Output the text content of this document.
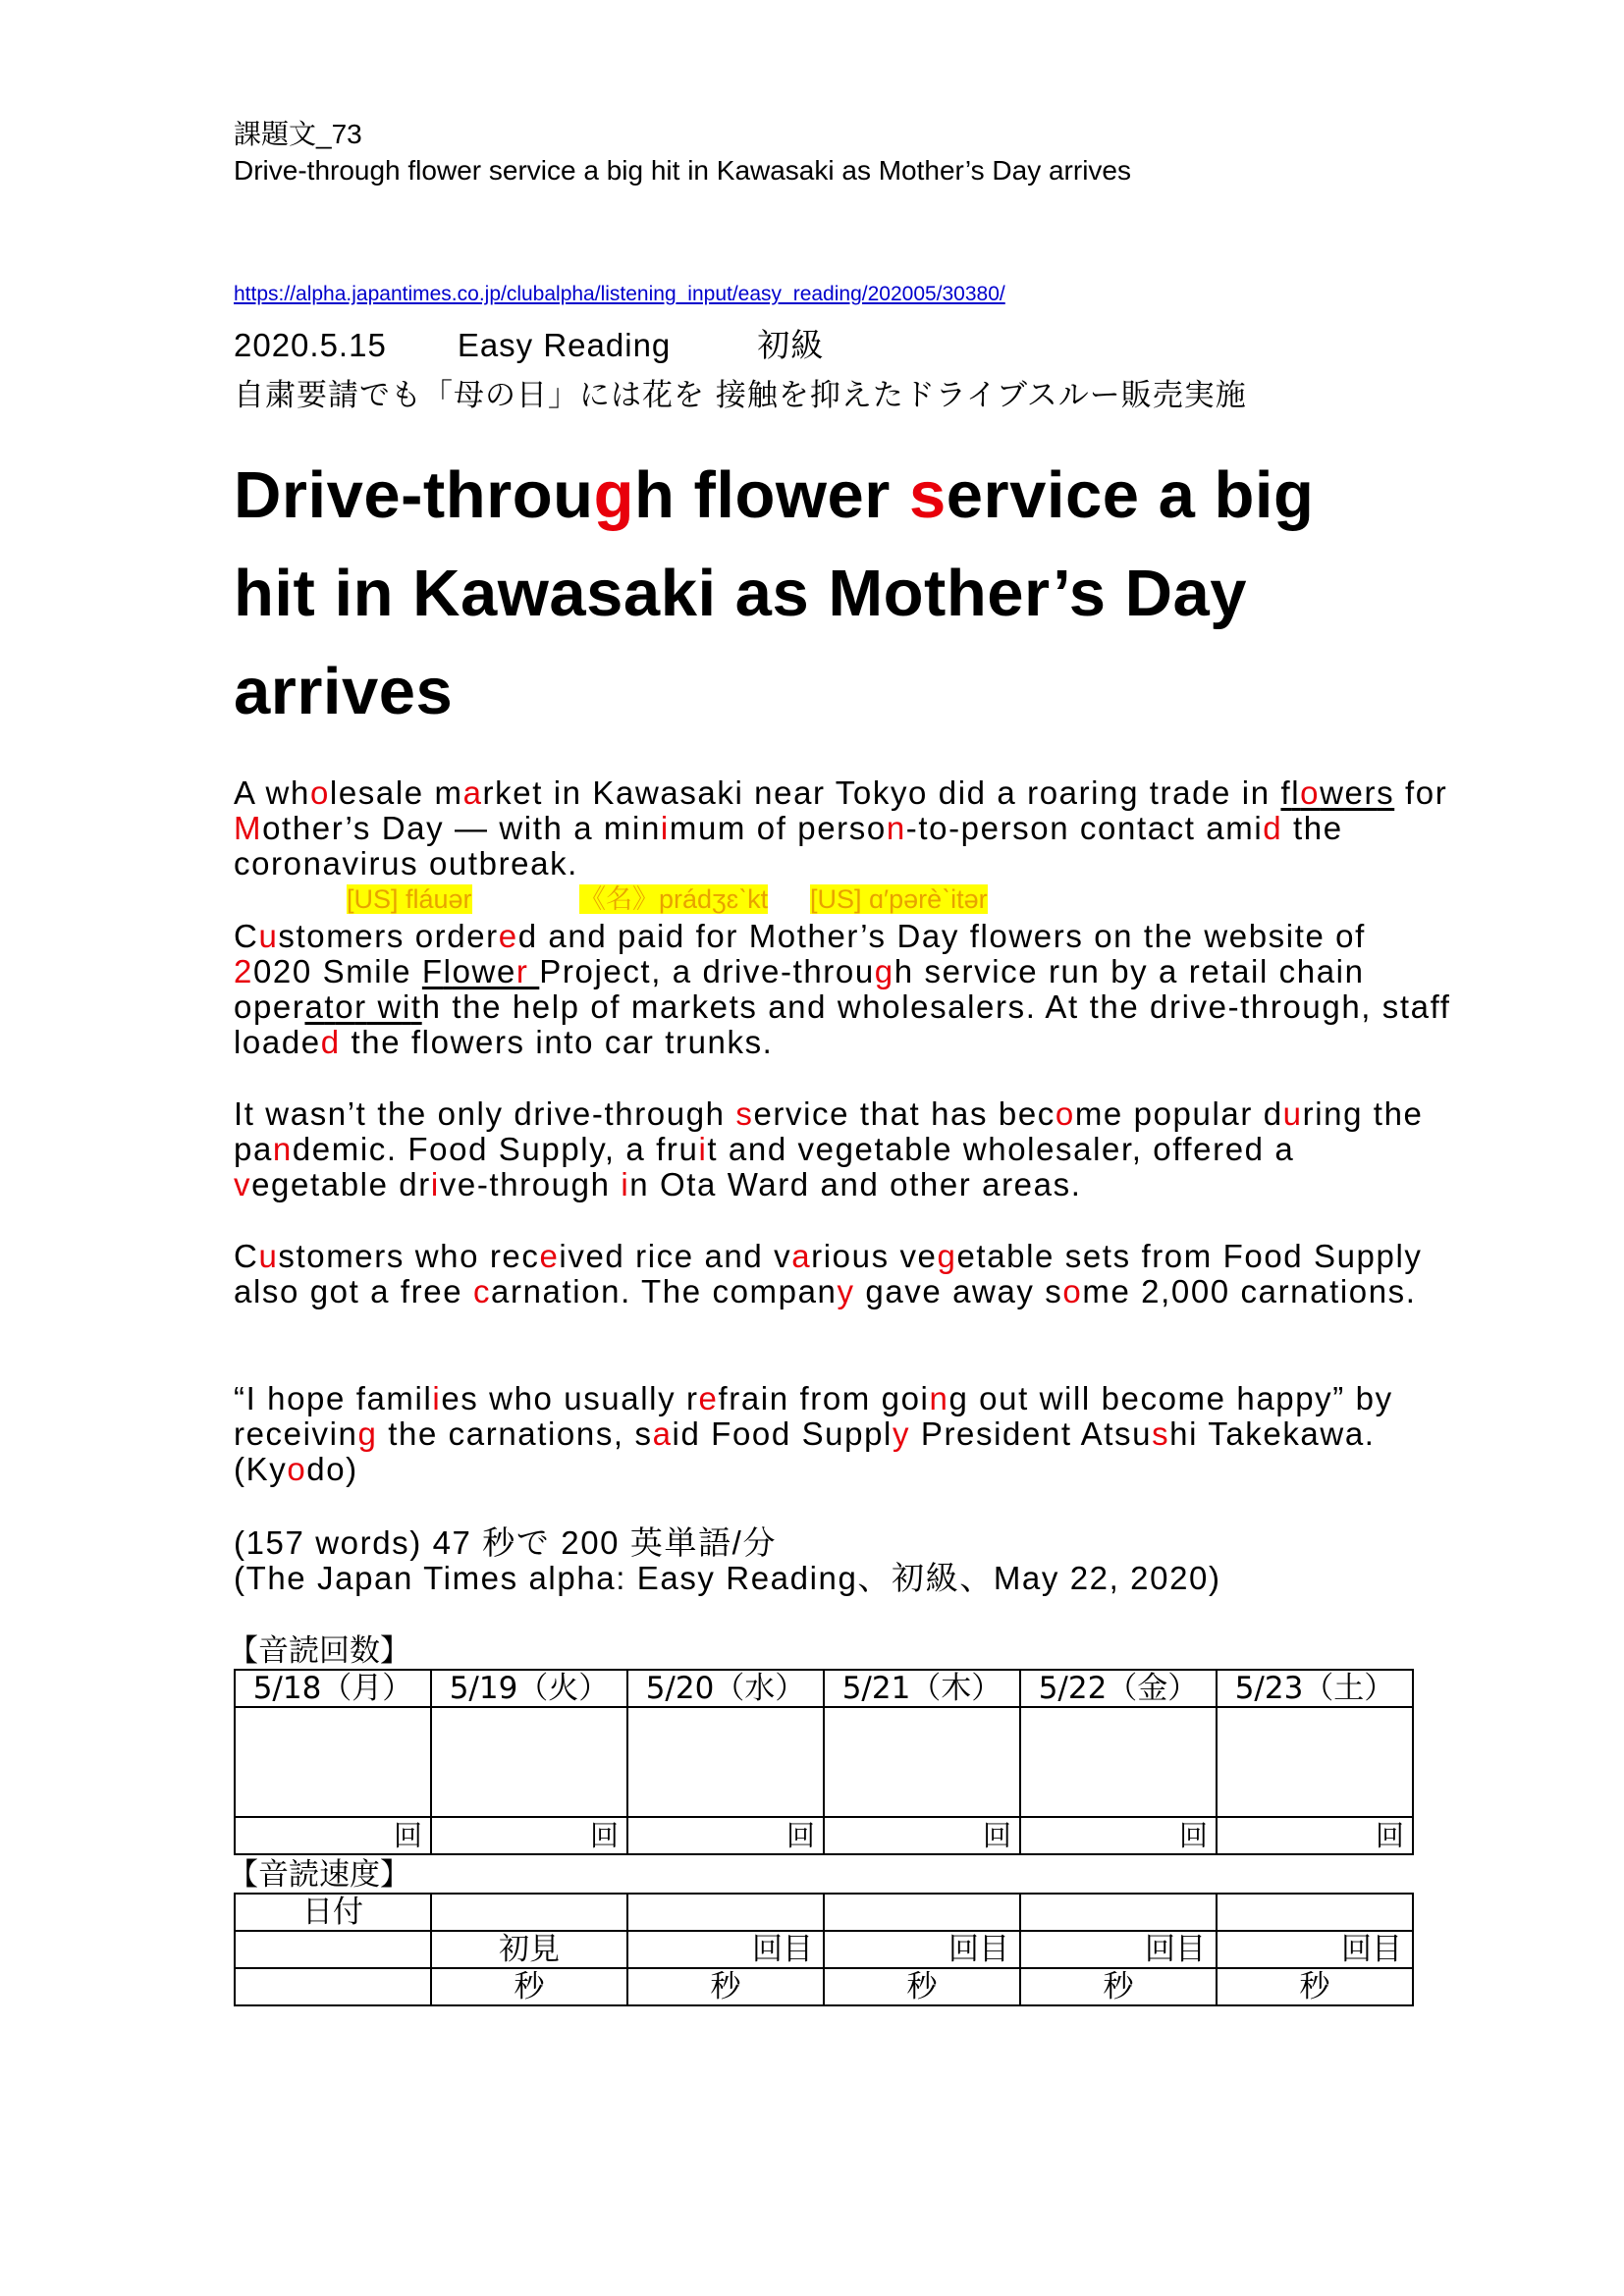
課題文_73
Drive-through flower service a big hit in Kawasaki as Mother’s Day arrives
https://alpha.japantimes.co.jp/clubalpha/listening_input/easy_reading/202005/30380/
2020.5.15 Easy Reading	初級
自粛要請でも「母の日」には花を 接触を抑えたドライブスルー販売実施
Drive-through flower service a big hit in Kawasaki as Mother’s Day arrives

A wholesale market in Kawasaki near Tokyo did a roaring trade in flowers for Mother’s Day — with a minimum of person-to-person contact amid the coronavirus outbreak.

[US] fláuər	《名》prádʒɛˋkt [US] ɑ′pərèˋitər

Customers ordered and paid for Mother’s Day flowers on the website of 2020 Smile Flower Project, a drive-through service run by a retail chain operator with the help of markets and wholesalers. At the drive-through, staff loaded the flowers into car trunks.

It wasn’t the only drive-through service that has become popular during the pandemic. Food Supply, a fruit and vegetable wholesaler, offered a vegetable drive-through in Ota Ward and other areas.

Customers who received rice and various vegetable sets from Food Supply also got a free carnation. The company gave away some 2,000 carnations.

“I hope families who usually refrain from going out will become happy” by receiving the carnations, said Food Supply President Atsushi Takekawa. (Kyodo)

(157 words) 47 秒で 200 英単語/分

(The Japan Times alpha: Easy Reading、初級、May 22, 2020)

【音読回数】
5/18（月）	5/19（火）	5/20（水）	5/21（木）	5/22（金）	5/23（土）

回	回	回	回	回	回
【音読速度】
日付					
	初見	回目	回目	回目	回目
	秒	秒	秒	秒	秒
